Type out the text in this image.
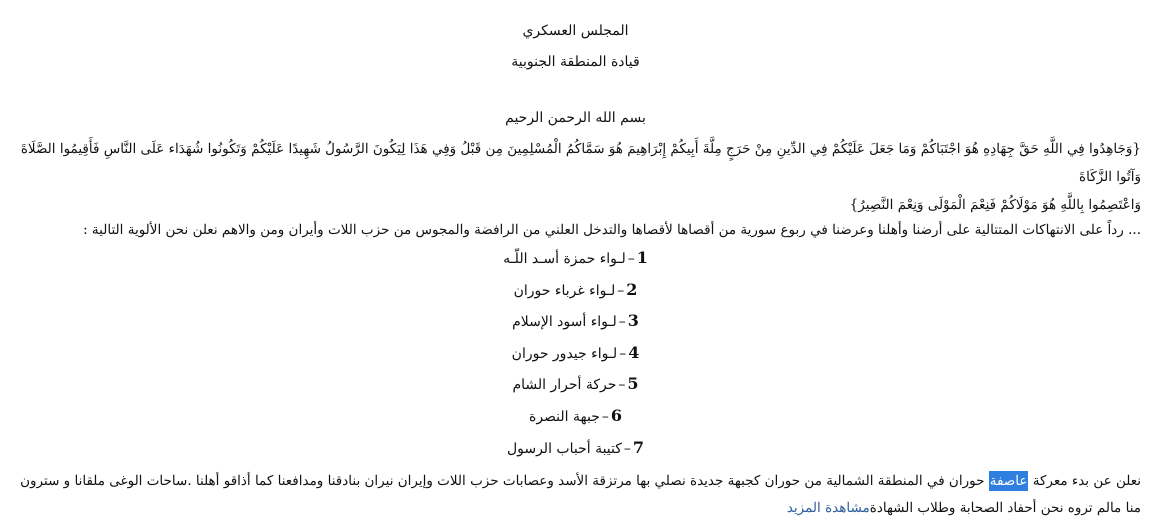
المجلس العسكري
قيادة المنطقة الجنوبية
بسم الله الرحمن الرحيم
{وَجَاهِدُوا فِي اللَّهِ حَقَّ جِهَادِهِ هُوَ اجْتَبَاكُمْ وَمَا جَعَلَ عَلَيْكُمْ فِي الدِّينِ مِنْ حَرَجٍ مِلَّةَ أَبِيكُمْ إِبْرَاهِيمَ هُوَ سَمَّاكُمُ الْمُسْلِمِينَ مِن قَبْلُ وَفِي هَذَا لِيَكُونَ الرَّسُولُ شَهِيدًا عَلَيْكُمْ وَتَكُونُوا شُهَدَاء عَلَى النَّاسِ فَأَقِيمُوا الصَّلَاةَ وَآتُوا الزَّكَاةَ
وَاعْتَصِمُوا بِاللَّهِ هُوَ مَوْلَاكُمْ فَنِعْمَ الْمَوْلَى وَنِعْمَ النَّصِيرُ}
... رداً على الانتهاكات المتتالية على أرضنا وأهلنا وعرضنا في ربوع سورية من أقصاها لأقصاها والتدخل العلني من الرافضة والمجوس من حزب اللات وأيران ومن والاهم نعلن نحن الألوية التالية :
1–لـواء حمزة أسـد اللّـه
2–لـواء غرباء حوران
3–لـواء أسود الإسلام
4–لـواء جيدور حوران
5–حركة أحرار الشام
6–جبهة النصرة
7–كتيبة أحباب الرسول
نعلن عن بدء معركة عاصفة حوران في المنطقة الشمالية من حوران كجبهة جديدة نصلي بها مرتزقة الأسد وعصابات حزب اللات وإيران نيران بنادقنا ومدافعنا كما أذاقو أهلنا .ساحات الوغى ملقانا و سترون منا مالم تروه نحن أحفاد الصحابة وطلاب الشهادةمشاهدة المزيد
